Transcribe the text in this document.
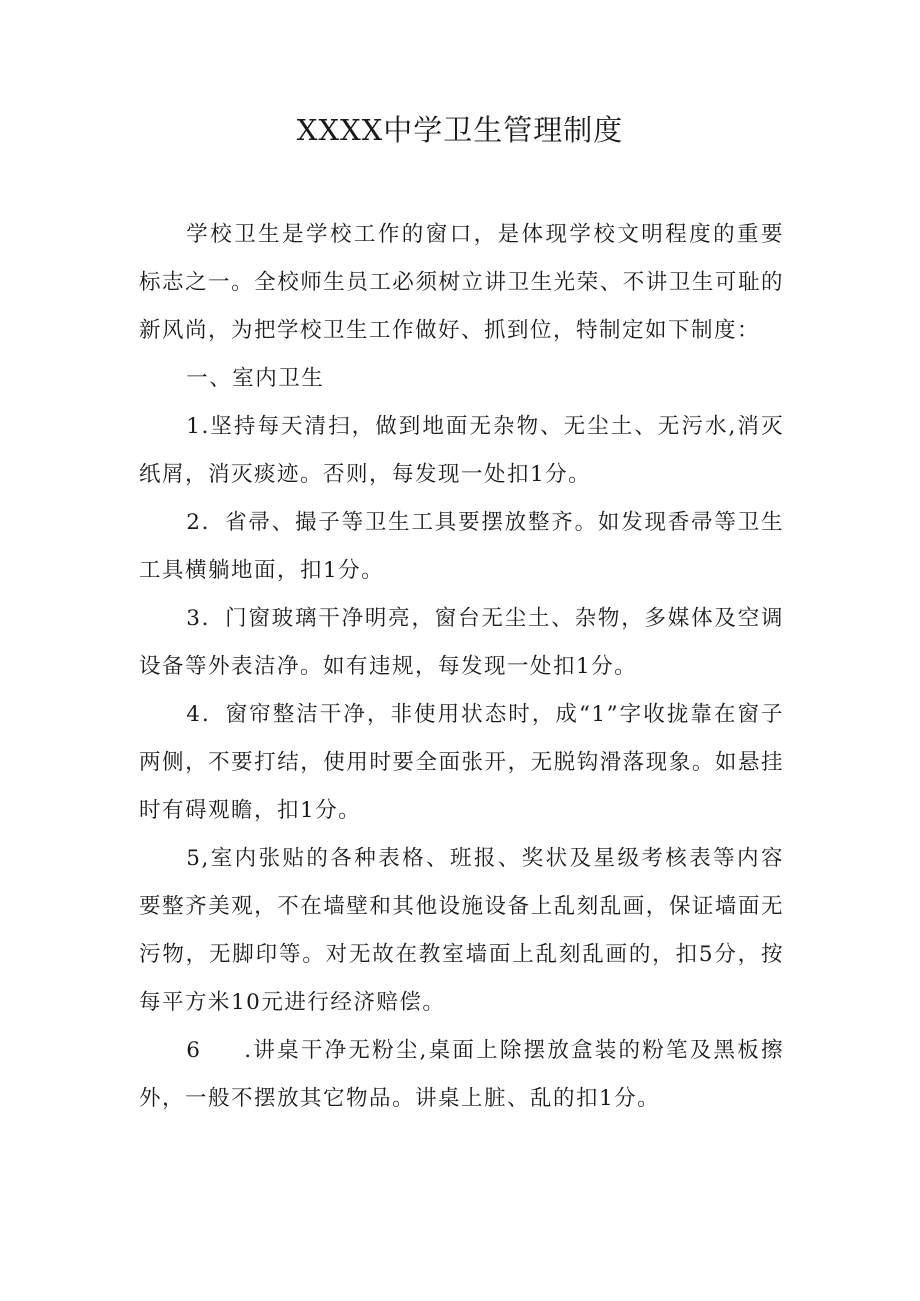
XXXX中学卫生管理制度

学校卫生是学校工作的窗口，是体现学校文明程度的重要标志之一。全校师生员工必须树立讲卫生光荣、不讲卫生可耻的新风尚，为把学校卫生工作做好、抓到位，特制定如下制度：

一、室内卫生

1.坚持每天清扫，做到地面无杂物、无尘土、无污水,消灭纸屑，消灭痰迹。否则，每发现一处扣1分。

2．省帚、撮子等卫生工具要摆放整齐。如发现香帚等卫生工具横躺地面，扣1分。

3．门窗玻璃干净明亮，窗台无尘土、杂物，多媒体及空调设备等外表洁净。如有违规，每发现一处扣1分。

4．窗帘整洁干净，非使用状态时，成“1”字收拢靠在窗子两侧，不要打结，使用时要全面张开，无脱钩滑落现象。如悬挂时有碍观瞻，扣1分。

5,室内张贴的各种表格、班报、奖状及星级考核表等内容要整齐美观，不在墙壁和其他设施设备上乱刻乱画，保证墙面无污物，无脚印等。对无故在教室墙面上乱刻乱画的，扣5分，按每平方米10元进行经济赔偿。

6 .讲桌干净无粉尘,桌面上除摆放盒装的粉笔及黑板擦外，一般不摆放其它物品。讲桌上脏、乱的扣1分。
